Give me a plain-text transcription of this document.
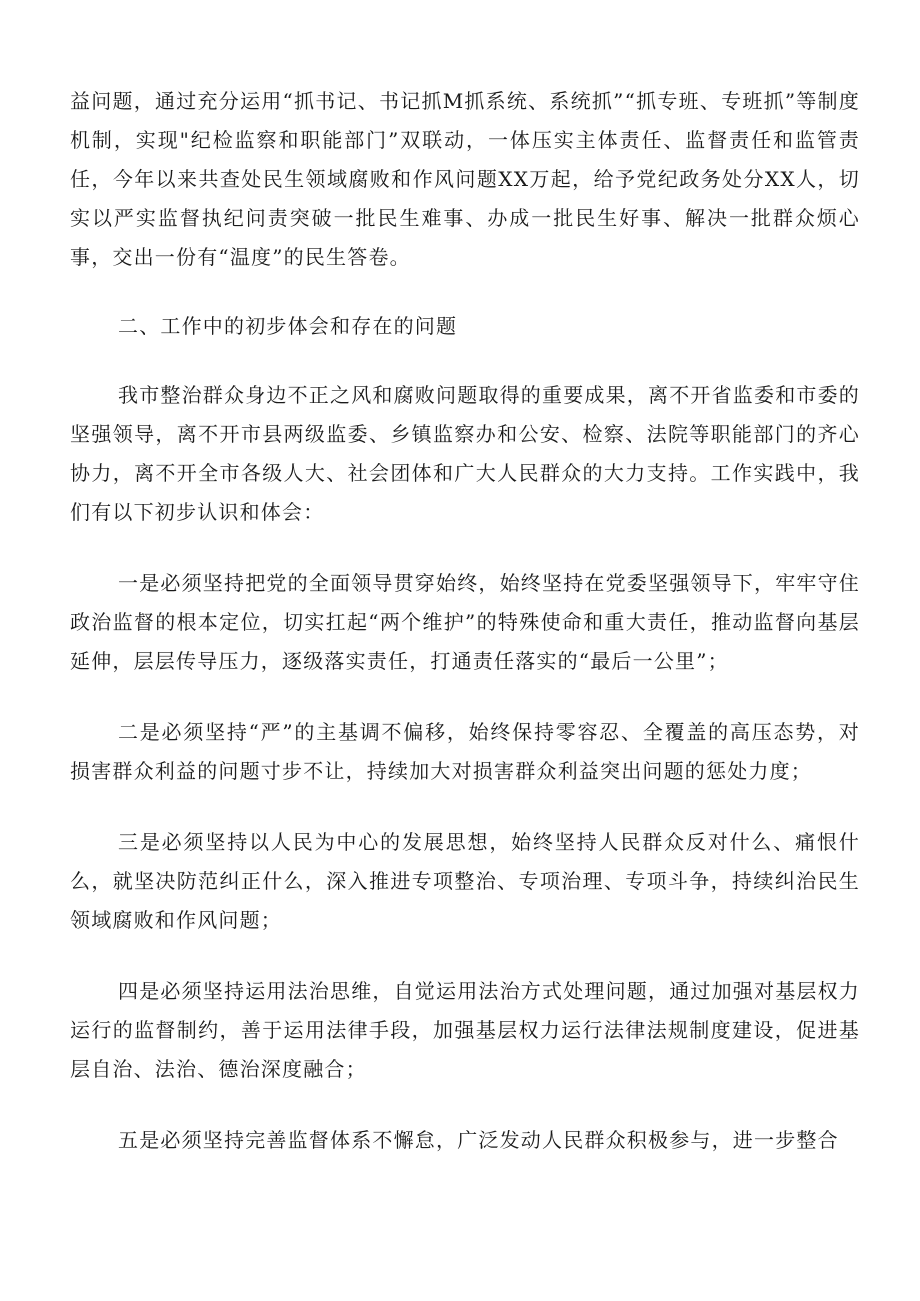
益问题，通过充分运用“抓书记、书记抓M抓系统、系统抓”“抓专班、专班抓”等制度机制，实现"纪检监察和职能部门”双联动，一体压实主体责任、监督责任和监管责任，今年以来共查处民生领域腐败和作风问题XX万起，给予党纪政务处分XX人，切实以严实监督执纪问责突破一批民生难事、办成一批民生好事、解决一批群众烦心事，交出一份有“温度”的民生答卷。

二、工作中的初步体会和存在的问题

我市整治群众身边不正之风和腐败问题取得的重要成果，离不开省监委和市委的坚强领导，离不开市县两级监委、乡镇监察办和公安、检察、法院等职能部门的齐心协力，离不开全市各级人大、社会团体和广大人民群众的大力支持。工作实践中，我们有以下初步认识和体会：

一是必须坚持把党的全面领导贯穿始终，始终坚持在党委坚强领导下，牢牢守住政治监督的根本定位，切实扛起“两个维护”的特殊使命和重大责任，推动监督向基层延伸，层层传导压力，逐级落实责任，打通责任落实的“最后一公里”；

二是必须坚持“严”的主基调不偏移，始终保持零容忍、全覆盖的高压态势，对损害群众利益的问题寸步不让，持续加大对损害群众利益突出问题的惩处力度；

三是必须坚持以人民为中心的发展思想，始终坚持人民群众反对什么、痛恨什么，就坚决防范纠正什么，深入推进专项整治、专项治理、专项斗争，持续纠治民生领域腐败和作风问题；

四是必须坚持运用法治思维，自觉运用法治方式处理问题，通过加强对基层权力运行的监督制约，善于运用法律手段，加强基层权力运行法律法规制度建设，促进基层自治、法治、德治深度融合；

五是必须坚持完善监督体系不懈怠，广泛发动人民群众积极参与，进一步整合
